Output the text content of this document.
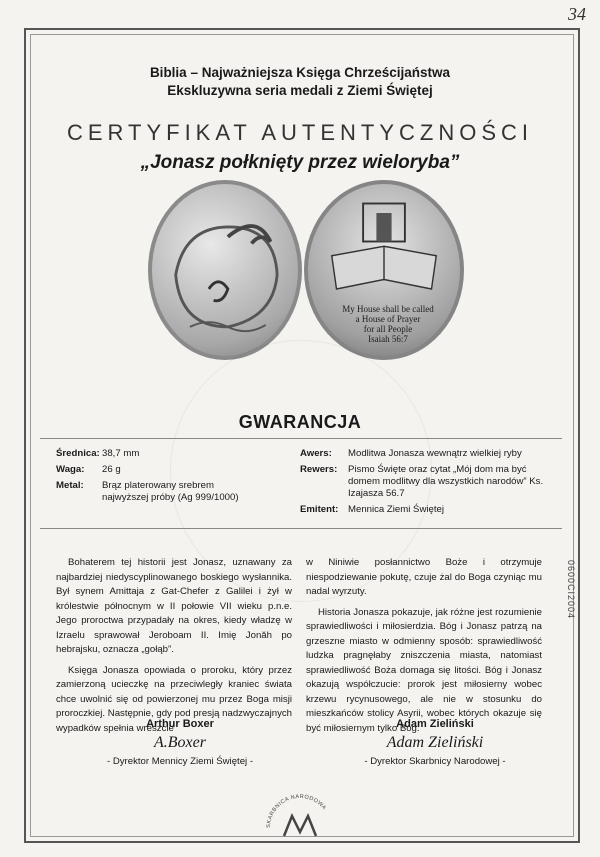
34
Biblia – Najważniejsza Księga Chrześcijaństwa
Ekskluzywna seria medali z Ziemi Świętej
CERTYFIKAT AUTENTYCZNOŚCI
„Jonasz połknięty przez wieloryba”
My House shall be called
a House of Prayer
for all People
Isaiah 56:7
GWARANCJA
Średnica: 38,7 mm
Waga:	26 g
Metal:	Brąz platerowany srebrem najwyższej próby (Ag 999/1000)
Awers:	Modlitwa Jonasza wewnątrz wielkiej ryby
Rewers:	Pismo Święte oraz cytat „Mój dom ma być domem modlitwy dla wszystkich narodów” Ks. Izajasza 56.7
Emitent:	Mennica Ziemi Świętej

Bohaterem tej historii jest Jonasz, uznawany za najbardziej niedyscyplinowanego boskiego wysłannika. Był synem Amittaja z Gat-Chefer z Galilei i żył w królestwie północnym w II połowie VII wieku p.n.e. Jego proroctwa przypadały na okres, kiedy władzę w Izraelu sprawował Jeroboam II. Imię Jonăh po hebrajsku, oznacza „gołąb”.

Księga Jonasza opowiada o proroku, który przez zamierzoną ucieczkę na przeciwległy kraniec świata chce uwolnić się od powierzonej mu przez Boga misji proroczkiej. Następnie, gdy pod presją nadzwyczajnych wypadków spełnia wreszcie

w Niniwie posłannictwo Boże i otrzymuje niespodziewanie pokutę, czuje żal do Boga czyniąc mu nadal wyrzuty.

Historia Jonasza pokazuje, jak różne jest rozumienie sprawiedliwości i miłosierdzia. Bóg i Jonasz patrzą na grzeszne miasto w odmienny sposób: sprawiedliwość ludzka pragnęłaby zniszczenia miasta, natomiast sprawiedliwość Boża domaga się litości. Bóg i Jonasz okazują współczucie: prorok jest miłosierny wobec krzewu rycynusowego, ale nie w stosunku do mieszkańców stolicy Asyrii, wobec których okazuje się być miłosiernym tylko Bóg.

0600CI2004
Arthur Boxer
A.Boxer
- Dyrektor Mennicy Ziemi Świętej -
Adam Zieliński
Adam Zieliński
- Dyrektor Skarbnicy Narodowej -
SKARBNICA NARODOWA
